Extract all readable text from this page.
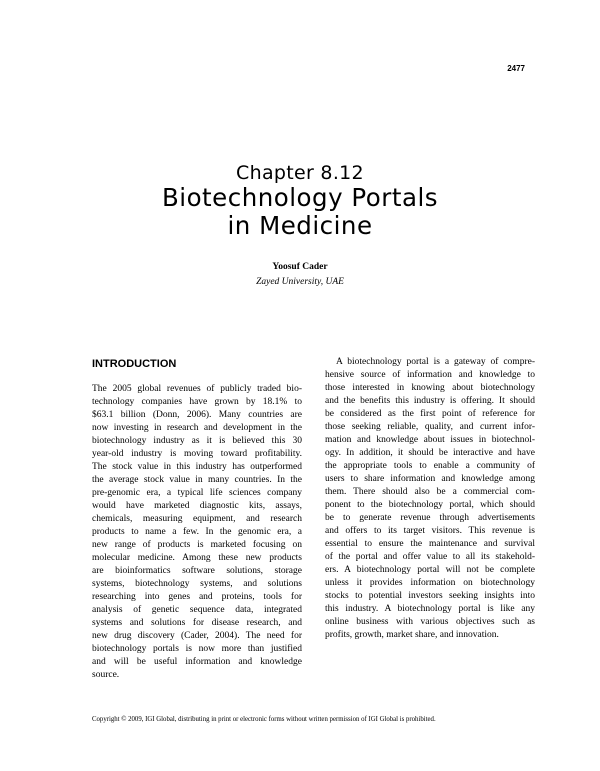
2477
Chapter 8.12
Biotechnology Portals
in Medicine
Yoosuf Cader
Zayed University, UAE
INTRODUCTION
The 2005 global revenues of publicly traded bio-
technology companies have grown by 18.1% to
$63.1 billion (Donn, 2006). Many countries are
now investing in research and development in the
biotechnology industry as it is believed this 30
year-old industry is moving toward profitability.
The stock value in this industry has outperformed
the average stock value in many countries. In the
pre-genomic era, a typical life sciences company
would have marketed diagnostic kits, assays,
chemicals, measuring equipment, and research
products to name a few. In the genomic era, a
new range of products is marketed focusing on
molecular medicine. Among these new products
are bioinformatics software solutions, storage
systems, biotechnology systems, and solutions
researching into genes and proteins, tools for
analysis of genetic sequence data, integrated
systems and solutions for disease research, and
new drug discovery (Cader, 2004). The need for
biotechnology portals is now more than justified
and will be useful information and knowledge
source.
A biotechnology portal is a gateway of compre-
hensive source of information and knowledge to
those interested in knowing about biotechnology
and the benefits this industry is offering. It should
be considered as the first point of reference for
those seeking reliable, quality, and current infor-
mation and knowledge about issues in biotechnol-
ogy. In addition, it should be interactive and have
the appropriate tools to enable a community of
users to share information and knowledge among
them. There should also be a commercial com-
ponent to the biotechnology portal, which should
be to generate revenue through advertisements
and offers to its target visitors. This revenue is
essential to ensure the maintenance and survival
of the portal and offer value to all its stakehold-
ers. A biotechnology portal will not be complete
unless it provides information on biotechnology
stocks to potential investors seeking insights into
this industry. A biotechnology portal is like any
online business with various objectives such as
profits, growth, market share, and innovation.
Copyright © 2009, IGI Global, distributing in print or electronic forms without written permission of IGI Global is prohibited.
